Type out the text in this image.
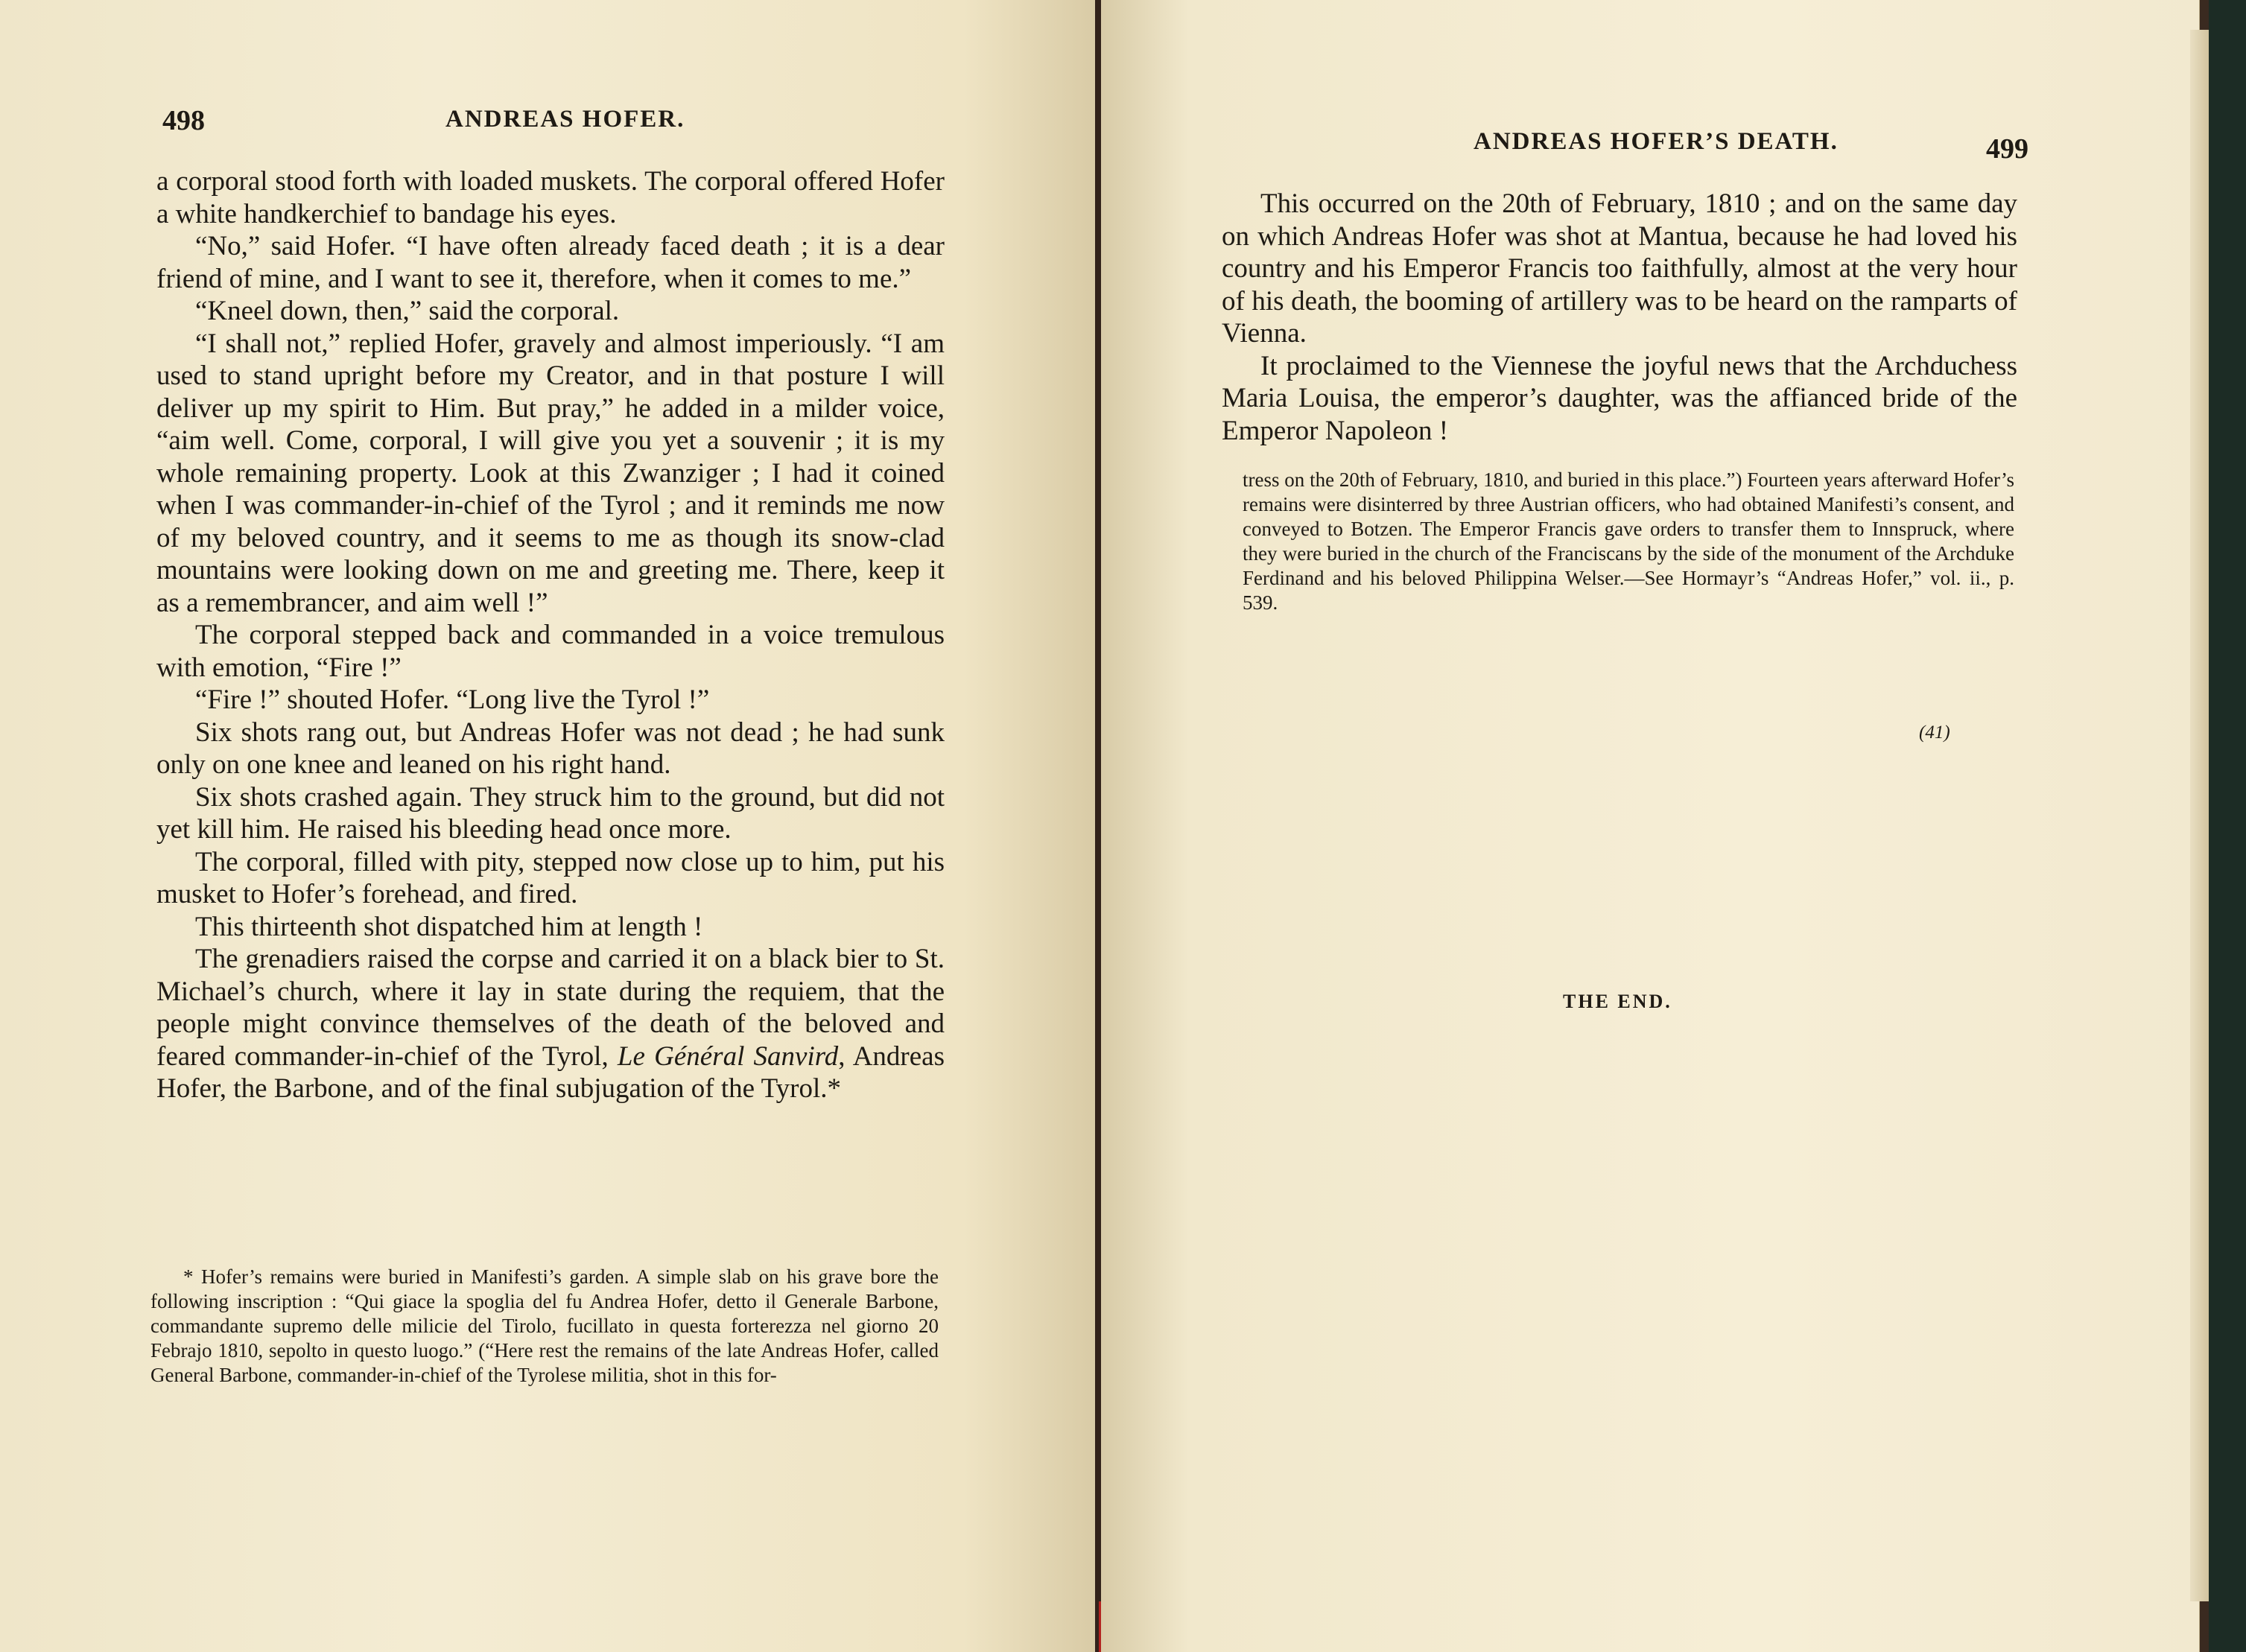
498	ANDREAS HOFER.

a corporal stood forth with loaded muskets. The corporal offered Hofer a white handkerchief to bandage his eyes.

“No,” said Hofer. “I have often already faced death ; it is a dear friend of mine, and I want to see it, therefore, when it comes to me.”

“Kneel down, then,” said the corporal.

“I shall not,” replied Hofer, gravely and almost imperiously. “I am used to stand upright before my Creator, and in that posture I will deliver up my spirit to Him. But pray,” he added in a milder voice, “aim well. Come, corporal, I will give you yet a souvenir ; it is my whole remaining property. Look at this Zwanziger ; I had it coined when I was commander-in-chief of the Tyrol ; and it reminds me now of my beloved country, and it seems to me as though its snow-clad mountains were looking down on me and greeting me. There, keep it as a remembrancer, and aim well !”

The corporal stepped back and commanded in a voice tremulous with emotion, “Fire !”

“Fire !” shouted Hofer. “Long live the Tyrol !”

Six shots rang out, but Andreas Hofer was not dead ; he had sunk only on one knee and leaned on his right hand.

Six shots crashed again. They struck him to the ground, but did not yet kill him. He raised his bleeding head once more.

The corporal, filled with pity, stepped now close up to him, put his musket to Hofer’s forehead, and fired.

This thirteenth shot dispatched him at length !

The grenadiers raised the corpse and carried it on a black bier to St. Michael’s church, where it lay in state during the requiem, that the people might convince themselves of the death of the beloved and feared commander-in-chief of the Tyrol, Le Général Sanvird, Andreas Hofer, the Barbone, and of the final subjugation of the Tyrol.*

* Hofer’s remains were buried in Manifesti’s garden. A simple slab on his grave bore the following inscription : “Qui giace la spoglia del fu Andrea Hofer, detto il Generale Barbone, commandante supremo delle milicie del Tirolo, fucillato in questa forterezza nel giorno 20 Febrajo 1810, sepolto in questo luogo.” (“Here rest the remains of the late Andreas Hofer, called General Barbone, commander-in-chief of the Tyrolese militia, shot in this for-

ANDREAS HOFER’S DEATH.	499

This occurred on the 20th of February, 1810 ; and on the same day on which Andreas Hofer was shot at Mantua, because he had loved his country and his Emperor Francis too faithfully, almost at the very hour of his death, the booming of artillery was to be heard on the ramparts of Vienna.

It proclaimed to the Viennese the joyful news that the Archduchess Maria Louisa, the emperor’s daughter, was the affianced bride of the Emperor Napoleon !

tress on the 20th of February, 1810, and buried in this place.”) Fourteen years afterward Hofer’s remains were disinterred by three Austrian officers, who had obtained Manifesti’s consent, and conveyed to Botzen. The Emperor Francis gave orders to transfer them to Innspruck, where they were buried in the church of the Franciscans by the side of the monument of the Archduke Ferdinand and his beloved Philippina Welser.—See Hormayr’s “Andreas Hofer,” vol. ii., p. 539.

(41)
THE END.
